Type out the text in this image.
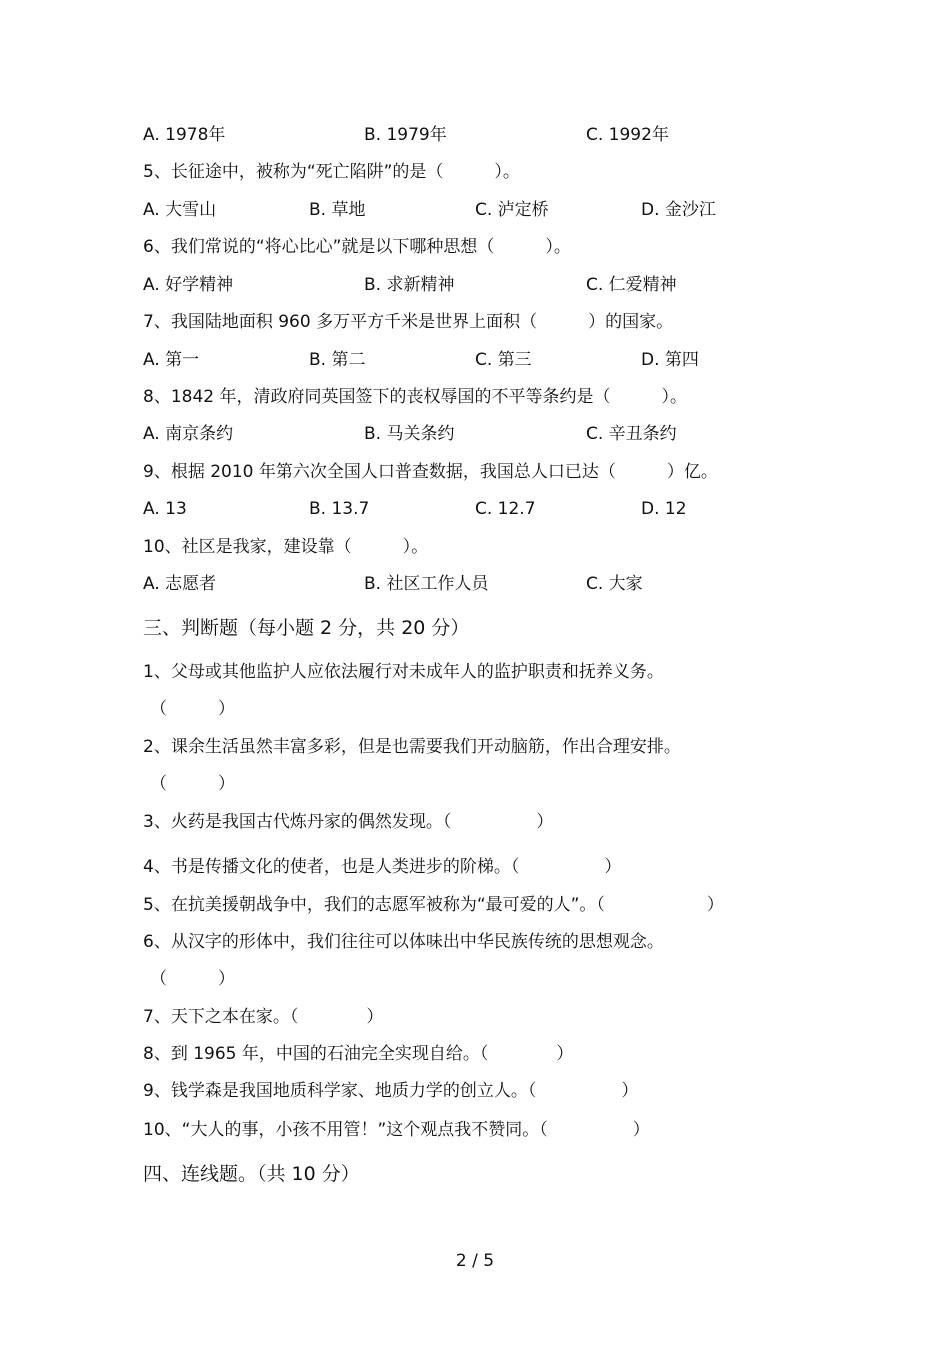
A. 1978年	B. 1979年	C. 1992年
5、长征途中，被称为“死亡陷阱”的是（　　　）。
A. 大雪山	B. 草地	C. 泸定桥	D. 金沙江
6、我们常说的“将心比心”就是以下哪种思想（　　　）。
A. 好学精神	B. 求新精神	C. 仁爱精神
7、我国陆地面积 960 多万平方千米是世界上面积（　　　）的国家。
A. 第一	B. 第二	C. 第三	D. 第四
8、1842 年，清政府同英国签下的丧权辱国的不平等条约是（　　　）。
A. 南京条约	B. 马关条约	C. 辛丑条约
9、根据 2010 年第六次全国人口普查数据，我国总人口已达（　　　）亿。
A. 13	B. 13.7	C. 12.7	D. 12
10、社区是我家，建设靠（　　　）。
A. 志愿者	B. 社区工作人员	C. 大家
三、判断题（每小题 2 分，共 20 分）
1、父母或其他监护人应依法履行对未成年人的监护职责和抚养义务。
（　　　）
2、课余生活虽然丰富多彩，但是也需要我们开动脑筋，作出合理安排。
（　　　）
3、火药是我国古代炼丹家的偶然发现。（　　　　　）
4、书是传播文化的使者，也是人类进步的阶梯。（　　　　　）
5、在抗美援朝战争中，我们的志愿军被称为“最可爱的人”。（　　　　　　）
6、从汉字的形体中，我们往往可以体味出中华民族传统的思想观念。
（　　　）
7、天下之本在家。（　　　　）
8、到 1965 年，中国的石油完全实现自给。（　　　　）
9、钱学森是我国地质科学家、地质力学的创立人。（　　　　　）
10、“大人的事，小孩不用管！”这个观点我不赞同。（　　　　　）
四、连线题。（共 10 分）
2 / 5
